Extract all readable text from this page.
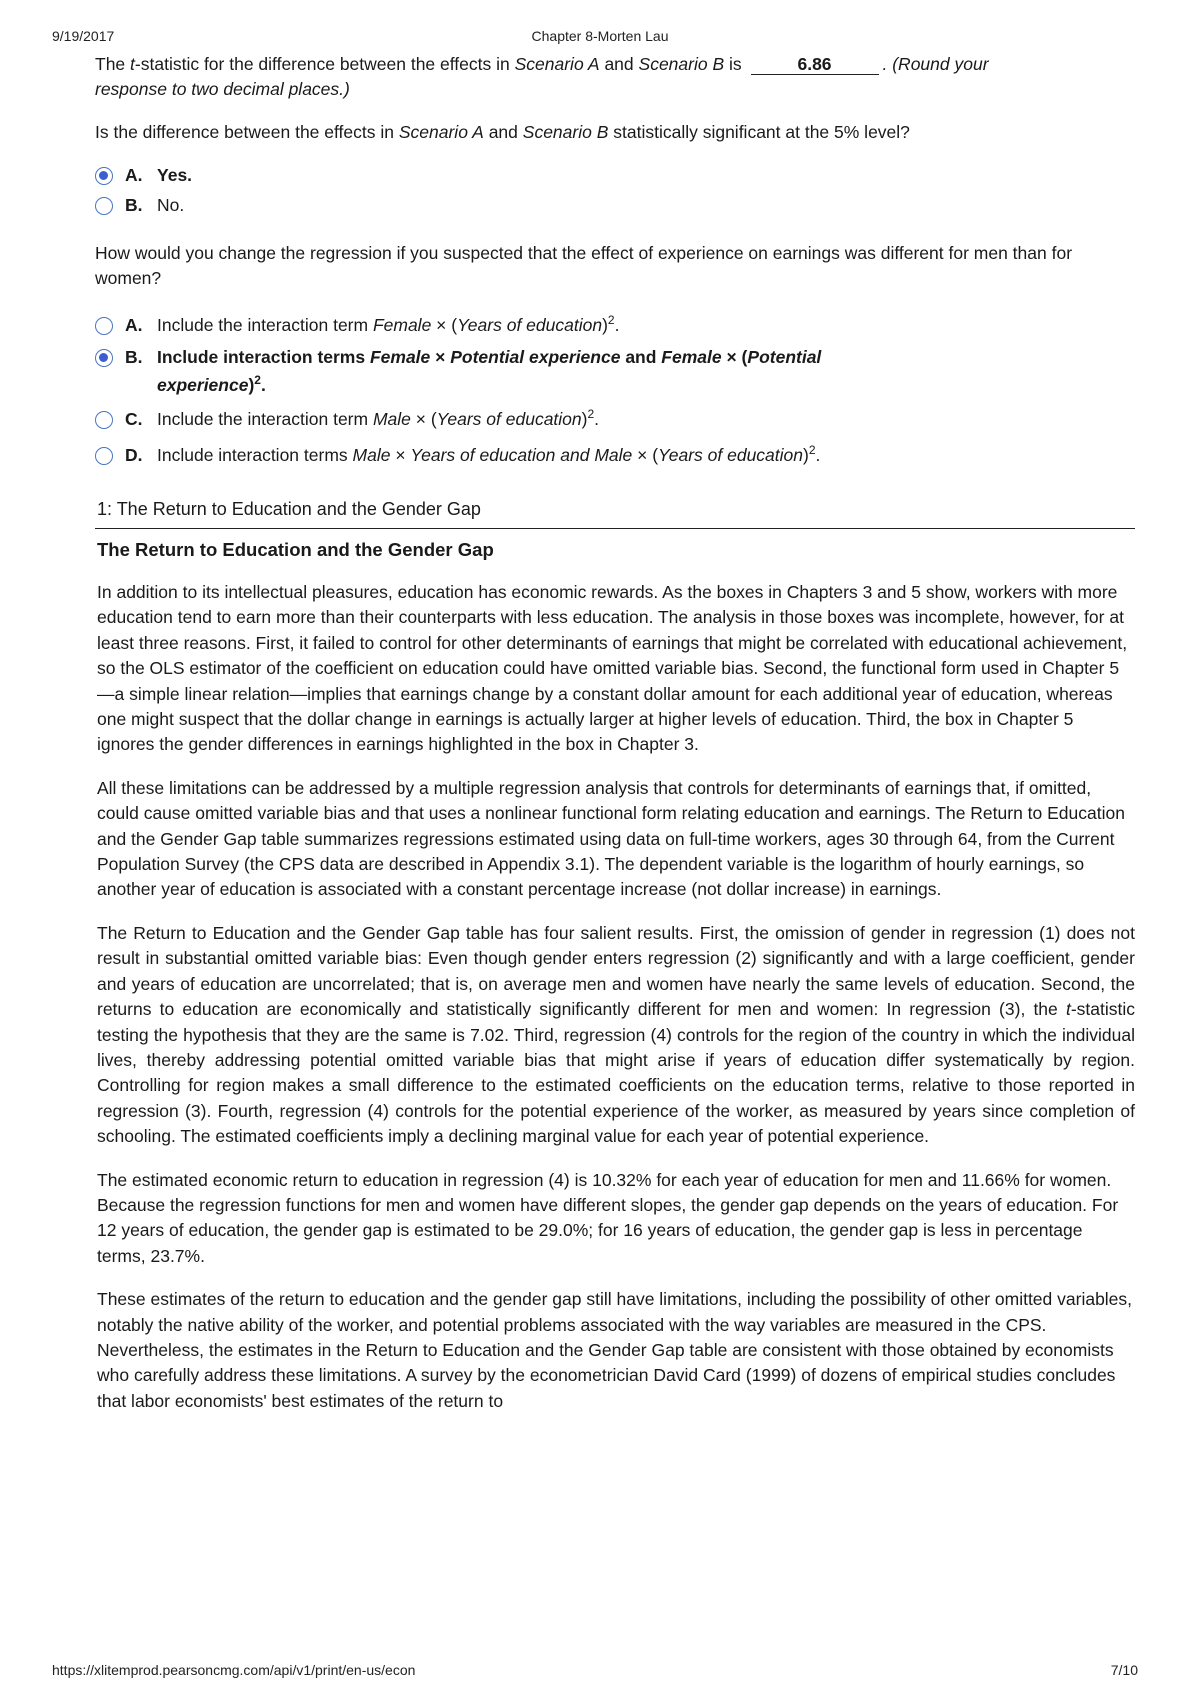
9/19/2017	Chapter 8-Morten Lau
The t-statistic for the difference between the effects in Scenario A and Scenario B is	6.86	. (Round your
response to two decimal places.)
Is the difference between the effects in Scenario A and Scenario B statistically significant at the 5% level?
A. Yes.
B. No.
How would you change the regression if you suspected that the effect of experience on earnings was different for men than for women?
A. Include the interaction term Female × (Years of education)$^2$.
B. Include interaction terms Female × Potential experience and Female × (Potential
experience)$^2$.
C. Include the interaction term Male × (Years of education)$^2$.
D. Include interaction terms Male × Years of education and Male × (Years of education)$^2$.
1: The Return to Education and the Gender Gap
The Return to Education and the Gender Gap
In addition to its intellectual pleasures, education has economic rewards. As the boxes in Chapters 3 and 5 show, workers with more education tend to earn more than their counterparts with less education. The analysis in those boxes was incomplete, however, for at least three reasons. First, it failed to control for other determinants of earnings that might be correlated with educational achievement, so the OLS estimator of the coefficient on education could have omitted variable bias. Second, the functional form used in Chapter 5—a simple linear relation—implies that earnings change by a constant dollar amount for each additional year of education, whereas one might suspect that the dollar change in earnings is actually larger at higher levels of education. Third, the box in Chapter 5 ignores the gender differences in earnings highlighted in the box in Chapter 3.
All these limitations can be addressed by a multiple regression analysis that controls for determinants of earnings that, if omitted, could cause omitted variable bias and that uses a nonlinear functional form relating education and earnings. The Return to Education and the Gender Gap table summarizes regressions estimated using data on full-time workers, ages 30 through 64, from the Current Population Survey (the CPS data are described in Appendix 3.1). The dependent variable is the logarithm of hourly earnings, so another year of education is associated with a constant percentage increase (not dollar increase) in earnings.
The Return to Education and the Gender Gap table has four salient results. First, the omission of gender in regression (1) does not result in substantial omitted variable bias: Even though gender enters regression (2) significantly and with a large coefficient, gender and years of education are uncorrelated; that is, on average men and women have nearly the same levels of education. Second, the returns to education are economically and statistically significantly different for men and women: In regression (3), the t-statistic testing the hypothesis that they are the same is 7.02. Third, regression (4) controls for the region of the country in which the individual lives, thereby addressing potential omitted variable bias that might arise if years of education differ systematically by region. Controlling for region makes a small difference to the estimated coefficients on the education terms, relative to those reported in regression (3). Fourth, regression (4) controls for the potential experience of the worker, as measured by years since completion of schooling. The estimated coefficients imply a declining marginal value for each year of potential experience.
The estimated economic return to education in regression (4) is 10.32% for each year of education for men and 11.66% for women. Because the regression functions for men and women have different slopes, the gender gap depends on the years of education. For 12 years of education, the gender gap is estimated to be 29.0%; for 16 years of education, the gender gap is less in percentage terms, 23.7%.
These estimates of the return to education and the gender gap still have limitations, including the possibility of other omitted variables, notably the native ability of the worker, and potential problems associated with the way variables are measured in the CPS. Nevertheless, the estimates in the Return to Education and the Gender Gap table are consistent with those obtained by economists who carefully address these limitations. A survey by the econometrician David Card (1999) of dozens of empirical studies concludes that labor economists' best estimates of the return to
https://xlitemprod.pearsoncmg.com/api/v1/print/en-us/econ	7/10
